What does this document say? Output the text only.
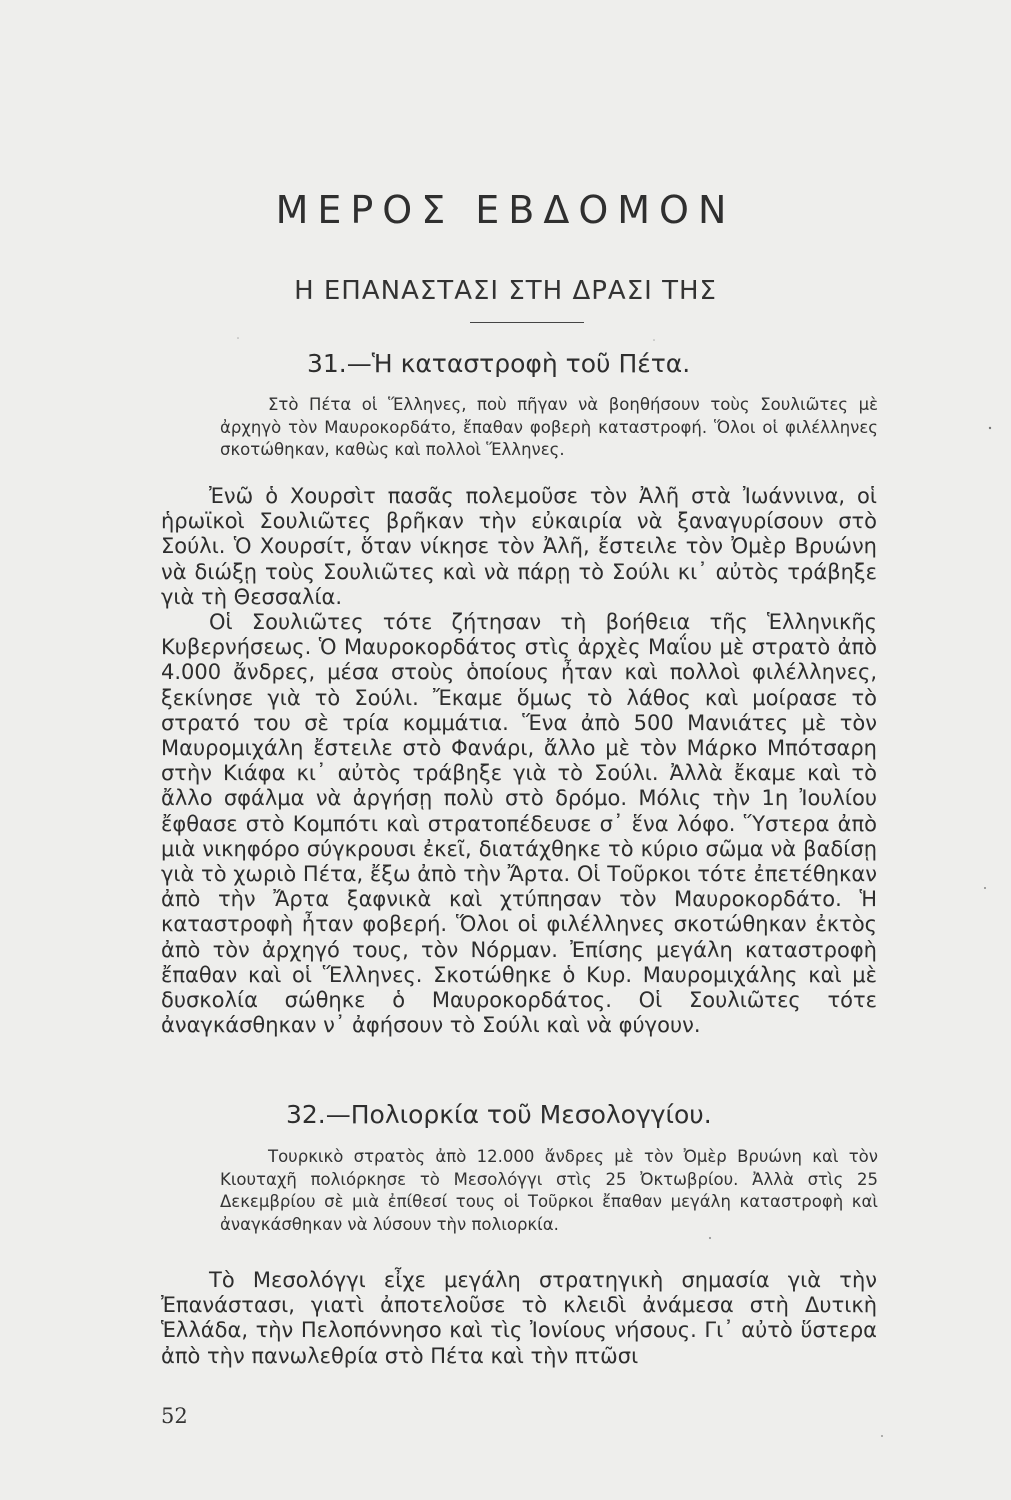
ΜΕΡΟΣ ΕΒΔΟΜΟΝ
Η ΕΠΑΝΑΣΤΑΣΙ ΣΤΗ ΔΡΑΣΙ ΤΗΣ
31.—Ἡ καταστροφὴ τοῦ Πέτα.

Στὸ Πέτα οἱ Ἕλληνες, ποὺ πῆγαν νὰ βοηθήσουν τοὺς Σουλιῶτες μὲ ἀρχηγὸ τὸν Μαυροκορδάτο, ἔπαθαν φοβερὴ καταστροφή. Ὅλοι οἱ φιλέλληνες σκοτώθηκαν, καθὼς καὶ πολλοὶ Ἕλληνες.

Ἐνῶ ὁ Χουρσὶτ πασᾶς πολεμοῦσε τὸν Ἀλῆ στὰ Ἰωάννινα, οἱ ἡρωϊκοὶ Σουλιῶτες βρῆκαν τὴν εὐκαιρία νὰ ξαναγυρίσουν στὸ Σούλι. Ὁ Χουρσίτ, ὅταν νίκησε τὸν Ἀλῆ, ἔστειλε τὸν Ὀμὲρ Βρυώνη νὰ διώξῃ τοὺς Σουλιῶτες καὶ νὰ πάρῃ τὸ Σούλι κι᾽ αὐτὸς τράβηξε γιὰ τὴ Θεσσαλία.

Οἱ Σουλιῶτες τότε ζήτησαν τὴ βοήθεια τῆς Ἑλληνικῆς Κυβερνήσεως. Ὁ Μαυροκορδάτος στὶς ἀρχὲς Μαΐου μὲ στρατὸ ἀπὸ 4.000 ἄνδρες, μέσα στοὺς ὁποίους ἦταν καὶ πολλοὶ φιλέλληνες, ξεκίνησε γιὰ τὸ Σούλι. Ἔκαμε ὅμως τὸ λάθος καὶ μοίρασε τὸ στρατό του σὲ τρία κομμάτια. Ἕνα ἀπὸ 500 Μανιάτες μὲ τὸν Μαυρομιχάλη ἔστειλε στὸ Φανάρι, ἄλλο μὲ τὸν Μάρκο Μπότσαρη στὴν Κιάφα κι᾽ αὐτὸς τράβηξε γιὰ τὸ Σούλι. Ἀλλὰ ἔκαμε καὶ τὸ ἄλλο σφάλμα νὰ ἀργήσῃ πολὺ στὸ δρόμο. Μόλις τὴν 1η Ἰουλίου ἔφθασε στὸ Κομπότι καὶ στρατοπέδευσε σ᾽ ἕνα λόφο. Ὕστερα ἀπὸ μιὰ νικηφόρο σύγκρουσι ἐκεῖ, διατάχθηκε τὸ κύριο σῶμα νὰ βαδίσῃ γιὰ τὸ χωριὸ Πέτα, ἔξω ἀπὸ τὴν Ἄρτα. Οἱ Τοῦρκοι τότε ἐπετέθηκαν ἀπὸ τὴν Ἄρτα ξαφνικὰ καὶ χτύπησαν τὸν Μαυροκορδάτο. Ἡ καταστροφὴ ἦταν φοβερή. Ὅλοι οἱ φιλέλληνες σκοτώθηκαν ἐκτὸς ἀπὸ τὸν ἀρχηγό τους, τὸν Νόρμαν. Ἐπίσης μεγάλη καταστροφὴ ἔπαθαν καὶ οἱ Ἕλληνες. Σκοτώθηκε ὁ Κυρ. Μαυρομιχάλης καὶ μὲ δυσκολία σώθηκε ὁ Μαυροκορδάτος. Οἱ Σουλιῶτες τότε ἀναγκάσθηκαν ν᾽ ἀφήσουν τὸ Σούλι καὶ νὰ φύγουν.

32.—Πολιορκία τοῦ Μεσολογγίου.

Τουρκικὸ στρατὸς ἀπὸ 12.000 ἄνδρες μὲ τὸν Ὀμὲρ Βρυώνη καὶ τὸν Κιουταχῆ πολιόρκησε τὸ Μεσολόγγι στὶς 25 Ὀκτωβρίου. Ἀλλὰ στὶς 25 Δεκεμβρίου σὲ μιὰ ἐπίθεσί τους οἱ Τοῦρκοι ἔπαθαν μεγάλη καταστροφὴ καὶ ἀναγκάσθηκαν νὰ λύσουν τὴν πολιορκία.

Τὸ Μεσολόγγι εἶχε μεγάλη στρατηγικὴ σημασία γιὰ τὴν Ἐπανάστασι, γιατὶ ἀποτελοῦσε τὸ κλειδὶ ἀνάμεσα στὴ Δυτικὴ Ἑλλάδα, τὴν Πελοπόννησο καὶ τὶς Ἰονίους νήσους. Γι᾽ αὐτὸ ὕστερα ἀπὸ τὴν πανωλεθρία στὸ Πέτα καὶ τὴν πτῶσι

52
